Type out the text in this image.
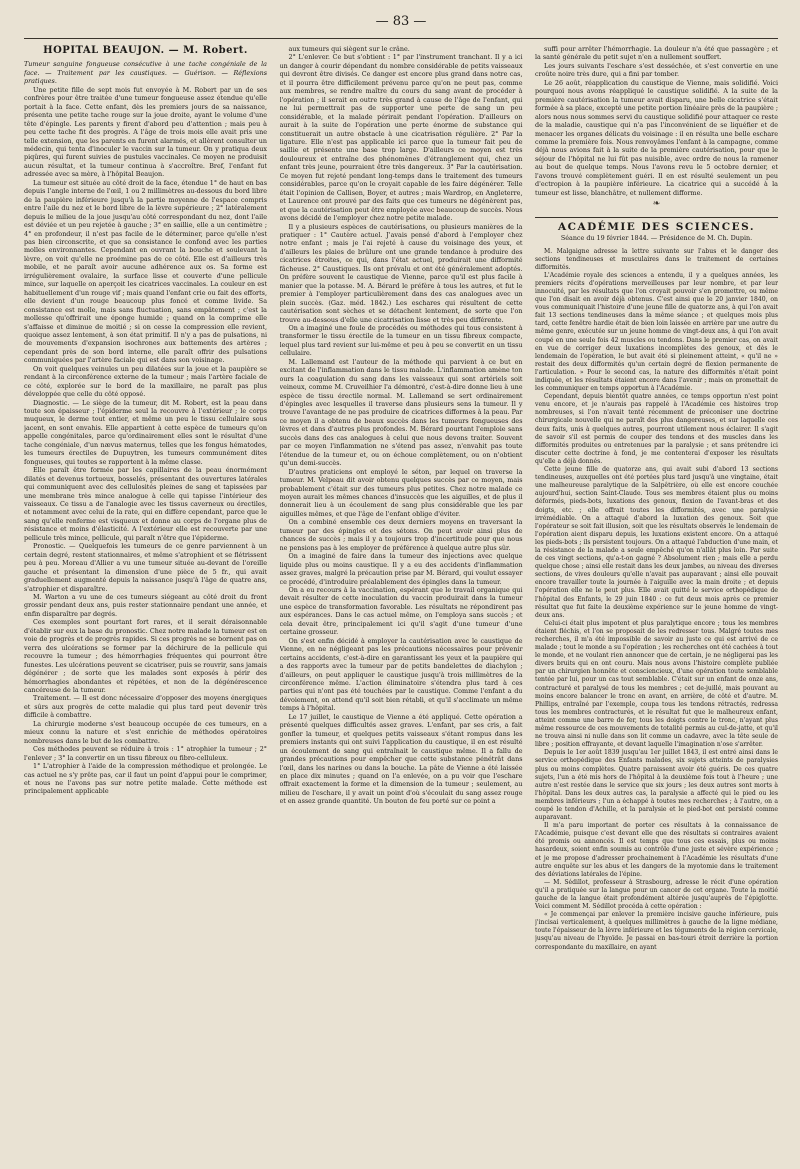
— 83 —
HOPITAL BEAUJON. — M. Robert.

Tumeur sanguine fongueuse consécutive à une tache congéniale de la face. — Traitement par les caustiques. — Guérison. — Réflexions pratiques.

Une petite fille de sept mois fut envoyée à M. Robert par un de ses confrères pour être traitée d'une tumeur fongueuse assez étendue qu'elle portait à la face. Cette enfant, dès les premiers jours de sa naissance, présenta une petite tache rouge sur la joue droite, ayant le volume d'une tête d'épingle. Les parents y firent d'abord peu d'attention ; mais peu à peu cette tache fit des progrès. A l'âge de trois mois elle avait pris une telle extension, que les parents en furent alarmés, et allèrent consulter un médecin, qui tenta d'inoculer le vaccin sur la tumeur. On y pratiqua deux piqûres, qui furent suivies de pustules vaccinales. Ce moyen ne produisit aucun résultat, et la tumeur continua à s'accroître. Bref, l'enfant fut adressée avec sa mère, à l'hôpital Beaujon.

La tumeur est située au côté droit de la face, étendue 1° de haut en bas depuis l'angle interne de l'œil, 1 ou 2 millimètres au-dessous du bord libre de la paupière inférieure jusqu'à la partie moyenne de l'espace compris entre l'aile du nez et le bord libre de la lèvre supérieure ; 2° latéralement depuis le milieu de la joue jusqu'au côté correspondant du nez, dont l'aile est déviée et un peu rejetée à gauche ; 3° en saillie, elle a un centimètre ; 4° en profondeur, il n'est pas facile de le déterminer, parce qu'elle n'est pas bien circonscrite, et que sa consistance le confond avec les parties molles environnantes. Cependant en ouvrant la bouche et soulevant la lèvre, on voit qu'elle ne proémine pas de ce côté. Elle est d'ailleurs très mobile, et ne paraît avoir aucune adhérence aux os. Sa forme est irrégulièrement ovalaire, la surface lisse et couverte d'une pellicule mince, sur laquelle on aperçoit les cicatrices vaccinales. La couleur en est habituellement d'un rouge vif ; mais quand l'enfant crie ou fait des efforts, elle devient d'un rouge beaucoup plus foncé et comme livide. Sa consistance est molle, mais sans fluctuation, sans empâtement ; c'est la mollesse qu'offrirait une éponge humide ; quand on la comprime elle s'affaisse et diminue de moitié ; si on cesse la compression elle revient, quoique assez lentement, à son état primitif. Il n'y a pas de pulsations, ni de mouvements d'expansion isochrones aux battements des artères ; cependant près de son bord interne, elle paraît offrir des pulsations communiquées par l'artère faciale qui est dans son voisinage.

On voit quelques veinules un peu dilatées sur la joue et la paupière se rendant à la circonférence externe de la tumeur ; mais l'artère faciale de ce côté, explorée sur le bord de la maxillaire, ne paraît pas plus développée que celle du côté opposé.

Diagnostic. — Le siège de la tumeur, dit M. Robert, est la peau dans toute son épaisseur ; l'épiderme seul la recouvre à l'extérieur ; le corps muqueux, le derme tout entier, et même un peu le tissu cellulaire sous jacent, en sont envahis. Elle appartient à cette espèce de tumeurs qu'on appelle congénitales, parce qu'ordinairement elles sont le résultat d'une tache congéniale, d'un nævus maternus, telles que les fongus hématodes, les tumeurs érectiles de Dupuytren, les tumeurs communément dites fongueuses, qui toutes se rapportent à la même classe.

Elle paraît être formée par les capillaires de la peau énormément dilatés et devenus tortueux, bosselés, présentant des ouvertures latérales qui communiquent avec des cellulosités pleines de sang et tapissées par une membrane très mince analogue à celle qui tapisse l'intérieur des vaisseaux. Ce tissu a de l'analogie avec les tissus caverneux ou érectiles, et notamment avec celui de la rate, qui en diffère cependant, parce que le sang qu'elle renferme est visqueux et donne au corps de l'organe plus de résistance et moins d'élasticité. A l'extérieur elle est recouverte par une pellicule très mince, pellicule, qui paraît n'être que l'épiderme.

Pronostic. — Quelquefois les tumeurs de ce genre parviennent à un certain degré, restent stationnaires, et même s'atrophient et se flétrissent peu à peu. Moreau d'Allier a vu une tumeur située au-devant de l'oreille gauche et présentant la dimension d'une pièce de 5 fr., qui avait graduellement augmenté depuis la naissance jusqu'à l'âge de quatre ans, s'atrophier et disparaître.

M. Warton a vu une de ces tumeurs siégeant au côté droit du front grossir pendant deux ans, puis rester stationnaire pendant une année, et enfin disparaître par degrés.

Ces exemples sont pourtant fort rares, et il serait déraisonnable d'établir sur eux la base du pronostic. Chez notre malade la tumeur est en voie de progrès et de progrès rapides. Si ces progrès ne se bornent pas on verra des ulcérations se former par la déchirure de la pellicule qui recouvre la tumeur ; des hémorrhagies fréquentes qui pourront être funestes. Les ulcérations peuvent se cicatriser, puis se rouvrir, sans jamais dégénérer ; de sorte que les malades sont exposés à périr des hémorrhagies abondantes et répétées, et non de la dégénérescence cancéreuse de la tumeur.

Traitement. — Il est donc nécessaire d'opposer des moyens énergiques et sûrs aux progrès de cette maladie qui plus tard peut devenir très difficile à combattre.

La chirurgie moderne s'est beaucoup occupée de ces tumeurs, en a mieux connu la nature et s'est enrichie de méthodes opératoires nombreuses dans le but de les combattre.

Ces méthodes peuvent se réduire à trois : 1° atrophier la tumeur ; 2° l'enlever ; 3° la convertir en un tissu fibreux ou fibro-celluleux.

1° L'atrophier à l'aide de la compression méthodique et prolongée. Le cas actuel ne s'y prête pas, car il faut un point d'appui pour le comprimer, et nous ne l'avons pas sur notre petite malade. Cette méthode est principalement applicable

aux tumeurs qui siègent sur le crâne.

2° L'enlever. Ce but s'obtient : 1° par l'instrument tranchant. Il y a ici un danger à courir dépendant du nombre considérable de petits vaisseaux qui devront être divisés. Ce danger est encore plus grand dans notre cas, et il pourra être difficilement prévenu parce qu'on ne peut pas, comme aux membres, se rendre maître du cours du sang avant de procéder à l'opération ; il serait en outre très grand à cause de l'âge de l'enfant, qui ne lui permettrait pas de supporter une perte de sang un peu considérable, et la malade périrait pendant l'opération. D'ailleurs on aurait à la suite de l'opération une perte énorme de substance qui constituerait un autre obstacle à une cicatrisation régulière. 2° Par la ligature. Elle n'est pas applicable ici parce que la tumeur fait peu de saillie et présente une base trop large. D'ailleurs ce moyen est très douloureux et entraîne des phénomènes d'étranglement qui, chez un enfant très jeune, pourraient être très dangereux. 3° Par la cautérisation. Ce moyen fut rejeté pendant long-temps dans le traitement des tumeurs considérables, parce qu'on le croyait capable de les faire dégénérer. Telle était l'opinion de Callisen, Boyer, et autres ; mais Wardrop, en Angleterre, et Laurence ont prouvé par des faits que ces tumeurs ne dégénèrent pas, et que la cautérisation peut être employée avec beaucoup de succès. Nous avons décidé de l'employer chez notre petite malade.

Il y a plusieurs espèces de cautérisations, ou plusieurs manières de la pratiquer : 1° Cautère actuel. J'avais pensé d'abord à l'employer chez notre enfant ; mais je l'ai rejeté à cause du voisinage des yeux, et d'ailleurs les plaies de brûlure ont une grande tendance à produire des cicatrices étroites, ce qui, dans l'état actuel, produirait une difformité fâcheuse. 2° Caustiques. Ils ont prévalu et ont été généralement adoptés. On préfère souvent le caustique de Vienne, parce qu'il est plus facile à manier que la potasse. M. A. Bérard le préfère à tous les autres, et fut le premier à l'employer particulièrement dans des cas analogues avec un plein succès. (Gaz. méd. 1842.) Les eschares qui résultent de cette cautérisation sont sèches et se détachent lentement, de sorte que l'on trouve au-dessous d'elle une cicatrisation lisse et très peu différente.

On a imaginé une foule de procédés ou méthodes qui tous consistent à transformer le tissu érectile de la tumeur en un tissu fibreux compacte, lequel plus tard revient sur lui-même et peu à peu se convertit en un tissu cellulaire.

M. Lallemand est l'auteur de la méthode qui parvient à ce but en excitant de l'inflammation dans le tissu malade. L'inflammation amène ton ours la coagulation du sang dans les vaisseaux qui sont artériels soit veineux, comme M. Cruveilhier l'a démontré, c'est-à-dire donne lieu à une espèce de tissu érectile normal. M. Lallemand se sert ordinairement d'épingles avec lesquelles il traverse dans plusieurs sens la tumeur. Il y trouve l'avantage de ne pas produire de cicatrices difformes à la peau. Par ce moyen il a obtenu de beaux succès dans les tumeurs fongueuses des lèvres et dans d'autres plus profondes. M. Bérard pourtant l'emploie sans succès dans des cas analogues à celui que nous devons traiter. Souvent par ce moyen l'inflammation ne s'étend pas assez, n'envahit pas toute l'étendue de la tumeur et, ou on échoue complètement, ou on n'obtient qu'un demi-succès.

D'autres praticiens ont employé le séton, par lequel on traverse la tumeur. M. Velpeau dit avoir obtenu quelques succès par ce moyen, mais probablement c'était sur des tumeurs plus petites. Chez notre malade ce moyen aurait les mêmes chances d'insuccès que les aiguilles, et de plus il donnerait lieu à un écoulement de sang plus considérable que les par aiguilles mêmes, et que l'âge de l'enfant oblige d'éviter.

On a combiné ensemble ces deux derniers moyens en traversant la tumeur par des épingles et des sétons. On peut avoir ainsi plus de chances de succès ; mais il y a toujours trop d'incertitude pour que nous ne pensions pas à les employer de préférence à quelque autre plus sûr.

On a imaginé de faire dans la tumeur des injections avec quelque liquide plus ou moins caustique. Il y a eu des accidents d'inflammation assez graves, malgré la précaution prise par M. Bérard, qui voulut essayer ce procédé, d'introduire préalablement des épingles dans la tumeur.

On a eu recours à la vaccination, espérant que le travail organique qui devait résulter de cette inoculation du vaccin produirait dans la tumeur une espèce de transformation favorable. Les résultats ne répondirent pas aux espérances. Dans le cas actuel même, on l'employa sans succès ; et cela devait être, principalement ici qu'il s'agit d'une tumeur d'une certaine grosseur.

On s'est enfin décidé à employer la cautérisation avec le caustique de Vienne, en ne négligeant pas les précautions nécessaires pour prévenir certains accidents, c'est-à-dire en garantissant les yeux et la paupière qui a des rapports avec la tumeur par de petits bandelettes de diachylon ; d'ailleurs, on peut appliquer le caustique jusqu'à trois millimètres de la circonférence même. L'action éliminatoire s'étendra plus tard à ces parties qui n'ont pas été touchées par le caustique. Comme l'enfant a du dévoiement, on attend qu'il soit bien rétabli, et qu'il s'acclimate un même temps à l'hôpital.

Le 17 juillet, le caustique de Vienne a été appliqué. Cette opération a présenté quelques difficultés assez graves. L'enfant, par ses cris, a fait gonfler la tumeur, et quelques petits vaisseaux s'étant rompus dans les premiers instants qui ont suivi l'application du caustique, il en est résulté un écoulement de sang qui entraînait le caustique même. Il a fallu de grandes précautions pour empêcher que cette substance pénétrât dans l'œil, dans les narines ou dans la bouche. La pâte de Vienne a été laissée en place dix minutes ; quand on l'a enlevée, on a pu voir que l'eschare offrait exactement la forme et la dimension de la tumeur ; seulement, au milieu de l'eschare, il y avait un point d'où s'écoulait du sang assez rouge et en assez grande quantité. Un bouton de feu porté sur ce point a

suffi pour arrêter l'hémorrhagie. La douleur n'a été que passagère ; et la santé générale du petit sujet n'en a nullement souffert.

Les jours suivants l'eschare s'est desséchée, et s'est convertie en une croûte noire très dure, qui a fini par tomber.

Le 26 août, réapplication du caustique de Vienne, mais solidifié. Voici pourquoi nous avons réappliqué le caustique solidifié. A la suite de la première cautérisation la tumeur avait disparu, une belle cicatrice s'était formée à sa place, excepté une petite portion linéaire près de la paupière ; alors nous nous sommes servi du caustique solidifié pour attaquer ce reste de la maladie, caustique qui n'a pas l'inconvénient de se liquéfier et de menacer les organes délicats du voisinage : il en résulta une belle eschare comme la première fois. Nous renvoyâmes l'enfant à la campagne, comme déjà nous avions fait à la suite de la première cautérisation, pour que le séjour de l'hôpital ne lui fût pas nuisible, avec ordre de nous la ramener au bout de quelque temps. Nous l'avons revu le 5 octobre dernier, et l'avons trouvé complètement guéri. Il en est résulté seulement un peu d'ectropion à la paupière inférieure. La cicatrice qui a succédé à la tumeur est lisse, blanchâtre, et nullement difforme.

❧
ACADÉMIE DES SCIENCES.
Séance du 19 février 1844. — Présidence de M. Ch. Dupin.

M. Malgaigne adresse la lettre suivante sur l'abus et le danger des sections tendineuses et musculaires dans le traitement de certaines difformités.

L'Académie royale des sciences a entendu, il y a quelques années, les premiers récits d'opérations merveilleuses par leur nombre, et par leur innocuité, par les résultats que l'on croyait pouvoir s'en promettre, ou même que l'on disait en avoir déjà obtenus. C'est ainsi que le 20 janvier 1840, on vous communiquait l'histoire d'une jeune fille de quatorze ans, à qui l'on avait fait 13 sections tendineuses dans la même séance ; et quelques mois plus tard, cette fenêtre hardie était de bien loin laissée en arrière par une autre du même genre, exécutée sur un jeune homme de vingt-deux ans, à qui l'on avait coupé en une seule fois 42 muscles ou tendons. Dans le premier cas, on avait en vue de corriger deux luxations incomplètes des genoux, et dès le lendemain de l'opération, le but avait été si pleinement atteint, « qu'il ne » restait des deux difformités qu'un certain degré de flexion permanente de l'articulation. » Pour le second cas, la nature des difformités n'était point indiquée, et les résultats étaient encore dans l'avenir ; mais on promettait de les communiquer en temps opportun à l'Académie.

Cependant, depuis bientôt quatre années, ce temps opportun n'est point venu encore, et je n'aurais pas rappelé à l'Académie ces histoires trop nombreuses, si l'on n'avait tenté récemment de préconiser une doctrine chirurgicale nouvelle qui ne paraît des plus dangereuses, et sur laquelle ces deux faits, unis à quelques autres, pourront utilement nous éclairer. Il s'agit de savoir s'il est permis de couper des tendons et des muscles dans les difformités produites ou entretenues par la paralysie ; et sans prétendre ici discuter cette doctrine à fond, je me contenterai d'exposer les résultats qu'elle a déjà donnés.

Cette jeune fille de quatorze ans, qui avait subi d'abord 13 sections tendineuses, auxquelles ont été portées plus tard jusqu'à une vingtaine, était une malheureuse paralytique de la Salpêtrière, où elle est encore couchée aujourd'hui, section Saint-Claude. Tous ses membres étaient plus ou moins déformés, pieds-bots, luxations des genoux, flexion de l'avant-bras et des doigts, etc. ; elle offrait toutes les difformités, avec une paralysie irrémédiable. On a attaqué d'abord la luxation des genoux. Soit que l'opérateur se soit fait illusion, soit que les résultats observés le lendemain de l'opération aient disparu depuis, les luxations existent encore. On a attaqué les pieds-bots ; ils persistent toujours. On a attaqué l'abduction d'une main, et la résistance de la malade a seule empêché qu'on n'allât plus loin. Par suite de ces vingt sections, qu'a-t-on gagné ? Absolument rien ; mais elle a perdu quelque chose ; ainsi elle restait dans les deux jambes, au niveau des diverses sections, de vives douleurs qu'elle n'avait pas auparavant ; ainsi elle pouvait encore travailler toute la journée à l'aiguille avec la main droite ; et depuis l'opération elle ne le peut plus. Elle avait quitté le service orthopédique de l'hôpital des Enfants, le 29 juin 1840 : ce fut deux mois après ce premier résultat que fut faite la deuxième expérience sur le jeune homme de vingt-deux ans.

Celui-ci était plus impotent et plus paralytique encore ; tous les membres étaient fléchis, et l'on se proposait de les redresser tous. Malgré toutes mes recherches, il m'a été impossible de savoir au juste ce qui est arrivé de ce malade ; tout le monde a su l'opération ; les recherches ont été cachées à tout le monde, et ne voulant rien annoncer que de certain, je ne négligerai pas les divers bruits qui en ont couru. Mais nous avons l'histoire complète publiée par un chirurgien honnête et consciencieux, d'une opération toute semblable tentée par lui, pour un cas tout semblable. C'était sur un enfant de onze ans, contracturé et paralysé de tous les membres ; cet de-juillé, mais pouvant au moins encore balancer le tronc en avant, en arrière, de côté et d'autre. M. Phillips, entraîné par l'exemple, coupa tous les tendons rétractés, redressa tous les membres contracturés, et le résultat fut que le malheureux enfant, atteint comme une barre de fer, tous les doigts contre le tronc, n'ayant plus même ressource de ces mouvements de totalité permis au cul-de-jatte, et qu'il ne trouva ainsi ni nulle dans son lit comme un cadavre, avec la tête seule de libre ; position effrayante, et devant laquelle l'imagination n'ose s'arrêter.

Depuis le 1er août 1839 jusqu'au 1er juillet 1843, il est entré ainsi dans le service orthopédique des Enfants malades, six sujets atteints de paralysies plus ou moins complètes. Quatre paraissent avoir été guéris. De ces quatre sujets, l'un a été mis hors de l'hôpital à la deuxième fois tout à l'heure ; une autre n'est restée dans le service que six jours ; les deux autres sont morts à l'hôpital. Dans les deux autres cas, la paralysie a affecté qui le pied ou les membres inférieurs ; l'un a échappé à toutes mes recherches ; à l'autre, on a coupé le tendon d'Achille, et la paralysie et le pied-bot ont persisté comme auparavant.

Il m'a paru important de porter ces résultats à la connaissance de l'Académie, puisque c'est devant elle que des résultats si contraires avaient été promis ou annoncés. Il est temps que tous ces essais, plus ou moins hasardeux, soient enfin soumis au contrôle d'une juste et sévère expérience ; et je me propose d'adresser prochainement à l'Académie les résultats d'une autre enquête sur les abus et les dangers de la myotomie dans le traitement des déviations latérales de l'épine.

— M. Sédillot, professeur à Strasbourg, adresse le récit d'une opération qu'il a pratiquée sur la langue pour un cancer de cet organe. Toute la moitié gauche de la langue était profondément altérée jusqu'auprès de l'épiglotte. Voici comment M. Sédillot procéda à cette opération :

« Je commençai par enlever la première incisive gauche inférieure, puis j'incisai verticalement, à quelques millimètres à gauche de la ligne médiane, toute l'épaisseur de la lèvre inférieure et les téguments de la région cervicale, jusqu'au niveau de l'hyoïde. Je passai en bas-touri étroit derrière la portion correspondante du maxillaire, en ayant
